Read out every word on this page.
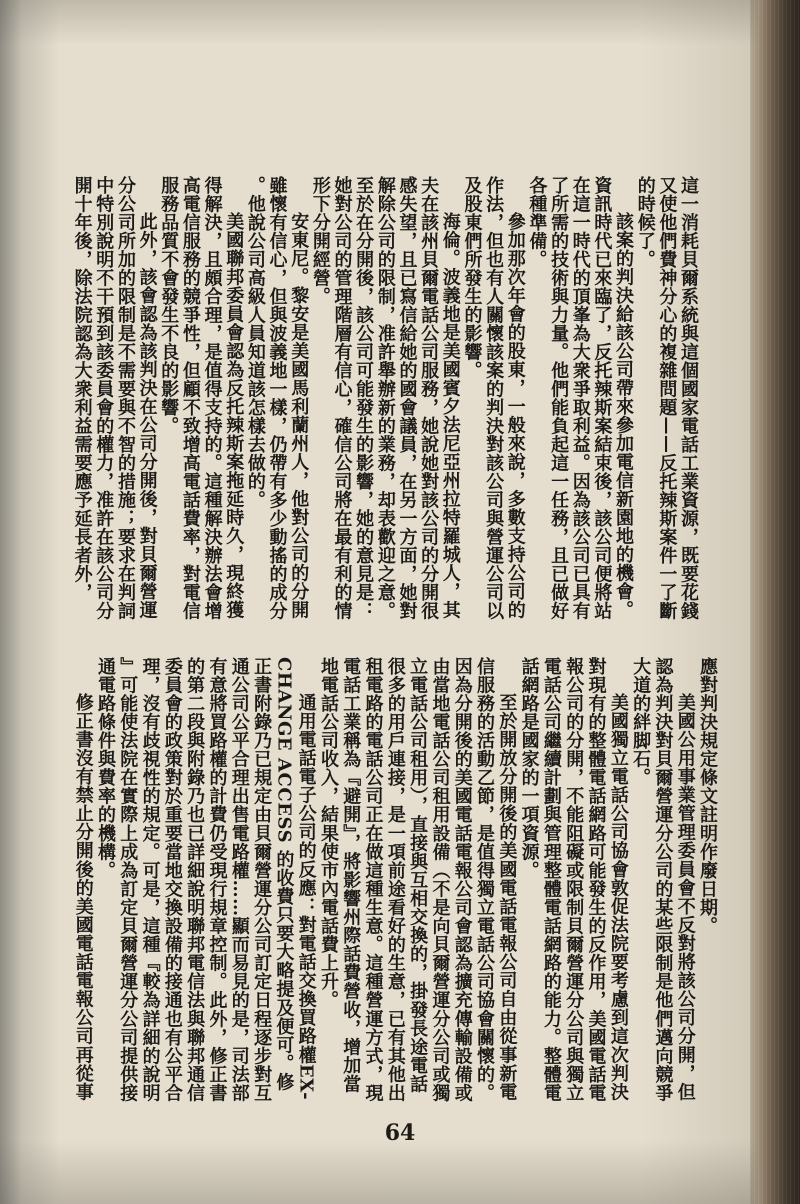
這一消耗貝爾系統與這個國家電話工業資源，既要花錢

又使他們費神分心的複雜問題——反托辣斯案件一了斷

的時候了。

該案的判決給該公司帶來參加電信新園地的機會。

資訊時代已來臨了，反托辣斯案結束後，該公司便將站

在這一時代的頂峯為大衆爭取利益。因為該公司已具有

了所需的技術與力量。他們能負起這一任務，且已做好

各種準備。

參加那次年會的股東，一般來說，多數支持公司的

作法，但也有人關懷該案的判決對該公司與營運公司以

及股東們所發生的影響。

海倫。波義地是美國賓夕法尼亞州拉特羅城人，其

夫在該州貝爾電話公司服務，她說她對該公司的分開很

感失望，且已寫信給她的國會議員，在另一方面，她對

解除公司的限制，准許舉辦新的業務，却表歡迎之意。

至於在分開後，該公司可能發生的影響，她的意見是：

她對公司的管理階層有信心，確信公司將在最有利的情

形下分開經營。

安東尼。黎安是美國馬利蘭州人，他對公司的分開

雖懷有信心，但與波義地一樣，仍帶有多少動搖的成分

。他說公司高級人員知道該怎樣去做的。

美國聯邦委員會認為反托辣斯案拖延時久，現終獲

得解決，且頗合理，是值得支持的。這種解決辦法會增

高電信服務的競爭性，但顧不致增高電話費率，對電信

服務品質不會發生不良的影響。

此外，該會認為該判決在公司分開後，對貝爾營運

分公司所加的限制是不需要與不智的措施；要求在判詞

中特別說明不干預到該委員會的權力，准許在該公司分

開十年後，除法院認為大衆利益需要應予延長者外，

應對判決規定條文註明作廢日期。

美國公用事業管理委員會不反對將該公司分開，但

認為判決對貝爾營運分公司的某些限制是他們邁向競爭

大道的絆脚石。

美國獨立電話公司協會敦促法院要考慮到這次判決

對現有的整體電話網路可能發生的反作用，美國電話電

報公司的分開，不能阻礙或限制貝爾營運分公司與獨立

電話公司繼續計劃與管理整體電話網路的能力。整體電

話網路是國家的一項資源。

至於開放分開後的美國電話電報公司自由從事新電

信服務的活動乙節，是值得獨立電話公司協會關懷的。

因為分開後的美國電話電報公司會認為擴充傳輸設備或

由當地電話公司租用設備（不是向貝爾營運分公司或獨

立電話公司租用），直接與互相交換的，掛發長途電話

很多的用戶連接，是一項前途看好的生意，已有其他出

租電路的電話公司正在做這種生意。這種營運方式，現

電話工業稱為『避開』，將影響州際話費營收，增加當

地電話公司收入，結果使市內電話費上升。

通用電話電子公司的反應：對電話交換買路權EX-

CHANGE ACCESS 的收費只要大略提及便可。修

正書附錄乃已規定由貝爾營運分公司訂定日程逐步對互

通公司公平合理出售電路權……顯而易見的是，司法部

有意將買路權的計費仍受現行規章控制。此外，修正書

的第二段與附錄乃也已詳細說明聯邦電信法與聯邦通信

委員會的政策對於重要當地交換設備的接通也有公平合

理，沒有歧視性的規定。可是，這種『較為詳細的說明

』可能使法院在實際上成為訂定貝爾營運分公司提供接

通電路條件與費率的機構。

修正書沒有禁止分開後的美國電話電報公司再從事

64
